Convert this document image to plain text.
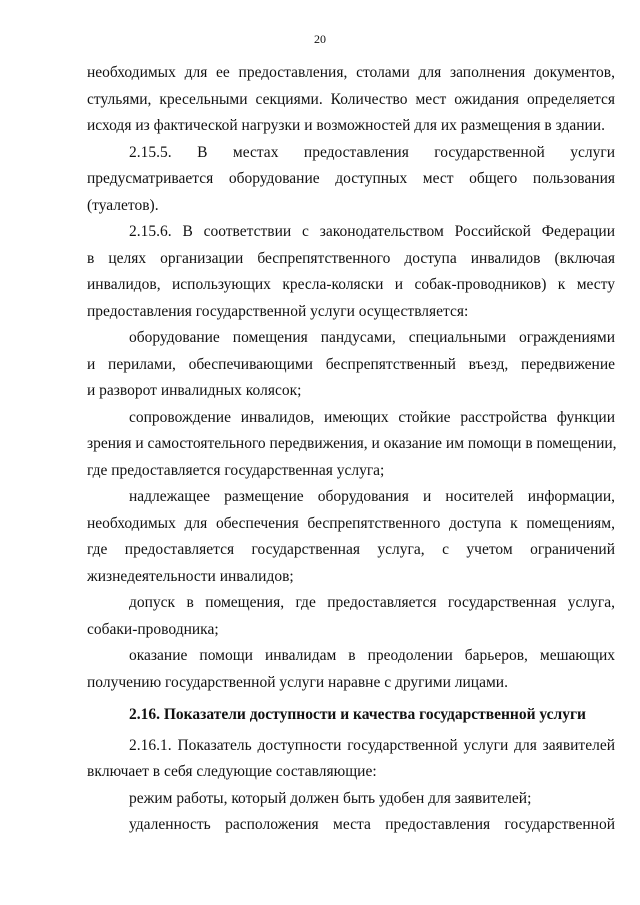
20
необходимых для ее предоставления, столами для заполнения документов,
стульями, кресельными секциями. Количество мест ожидания определяется
исходя из фактической нагрузки и возможностей для их размещения в здании.
2.15.5. В местах предоставления государственной услуги
предусматривается оборудование доступных мест общего пользования
(туалетов).
2.15.6. В соответствии с законодательством Российской Федерации
в целях организации беспрепятственного доступа инвалидов (включая
инвалидов, использующих кресла-коляски и собак-проводников) к месту
предоставления государственной услуги осуществляется:
оборудование помещения пандусами, специальными ограждениями
и перилами, обеспечивающими беспрепятственный въезд, передвижение
и разворот инвалидных колясок;
сопровождение инвалидов, имеющих стойкие расстройства функции
зрения и самостоятельного передвижения, и оказание им помощи в помещении,
где предоставляется государственная услуга;
надлежащее размещение оборудования и носителей информации,
необходимых для обеспечения беспрепятственного доступа к помещениям,
где предоставляется государственная услуга, с учетом ограничений
жизнедеятельности инвалидов;
допуск в помещения, где предоставляется государственная услуга,
собаки-проводника;
оказание помощи инвалидам в преодолении барьеров, мешающих
получению государственной услуги наравне с другими лицами.
2.16. Показатели доступности и качества государственной услуги
2.16.1. Показатель доступности государственной услуги для заявителей
включает в себя следующие составляющие:
режим работы, который должен быть удобен для заявителей;
удаленность расположения места предоставления государственной
